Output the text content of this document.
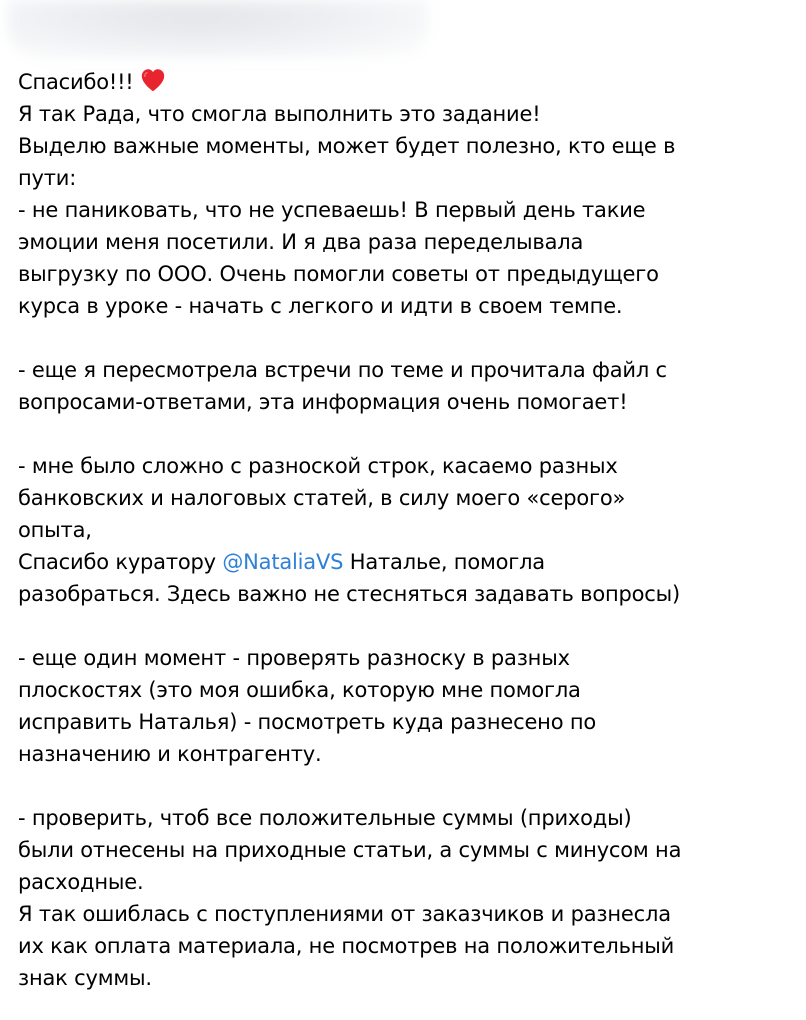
Спасибо!!!
Я так Рада, что смогла выполнить это задание!
Выделю важные моменты, может будет полезно, кто еще в
пути:
- не паниковать, что не успеваешь! В первый день такие
эмоции меня посетили. И я два раза переделывала
выгрузку по ООО. Очень помогли советы от предыдущего
курса в уроке - начать с легкого и идти в своем темпе.
- еще я пересмотрела встречи по теме и прочитала файл с
вопросами-ответами, эта информация очень помогает!
- мне было сложно с разноской строк, касаемо разных
банковских и налоговых статей, в силу моего «серого»
опыта,
Спасибо куратору @NataliaVS Наталье, помогла
разобраться. Здесь важно не стесняться задавать вопросы)
- еще один момент - проверять разноску в разных
плоскостях (это моя ошибка, которую мне помогла
исправить Наталья) - посмотреть куда разнесено по
назначению и контрагенту.
- проверить, чтоб все положительные суммы (приходы)
были отнесены на приходные статьи, а суммы с минусом на
расходные.
Я так ошиблась с поступлениями от заказчиков и разнесла
их как оплата материала, не посмотрев на положительный
знак суммы.
